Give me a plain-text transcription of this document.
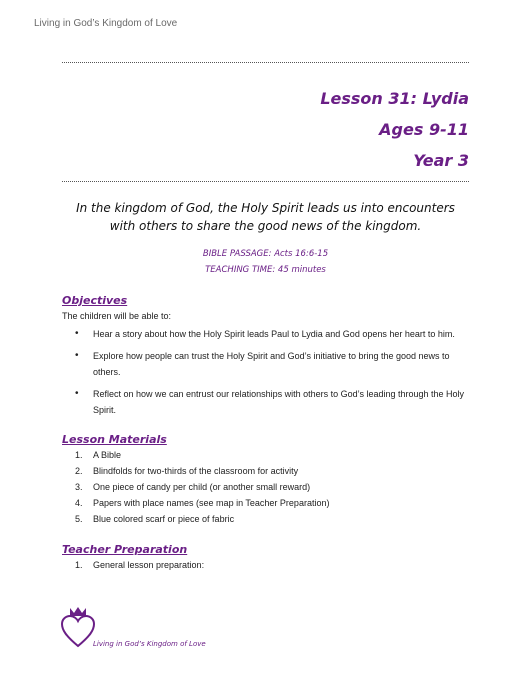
Living in God’s Kingdom of Love
Lesson 31: Lydia
Ages 9-11
Year 3
In the kingdom of God, the Holy Spirit leads us into encounters with others to share the good news of the kingdom.
BIBLE PASSAGE: Acts 16:6-15
TEACHING TIME: 45 minutes
Objectives
The children will be able to:
• Hear a story about how the Holy Spirit leads Paul to Lydia and God opens her heart to him.
• Explore how people can trust the Holy Spirit and God’s initiative to bring the good news to others.
• Reflect on how we can entrust our relationships with others to God’s leading through the Holy Spirit.
Lesson Materials
1. A Bible
2. Blindfolds for two-thirds of the classroom for activity
3. One piece of candy per child (or another small reward)
4. Papers with place names (see map in Teacher Preparation)
5. Blue colored scarf or piece of fabric
Teacher Preparation
1. General lesson preparation:
Living in God’s Kingdom of Love
